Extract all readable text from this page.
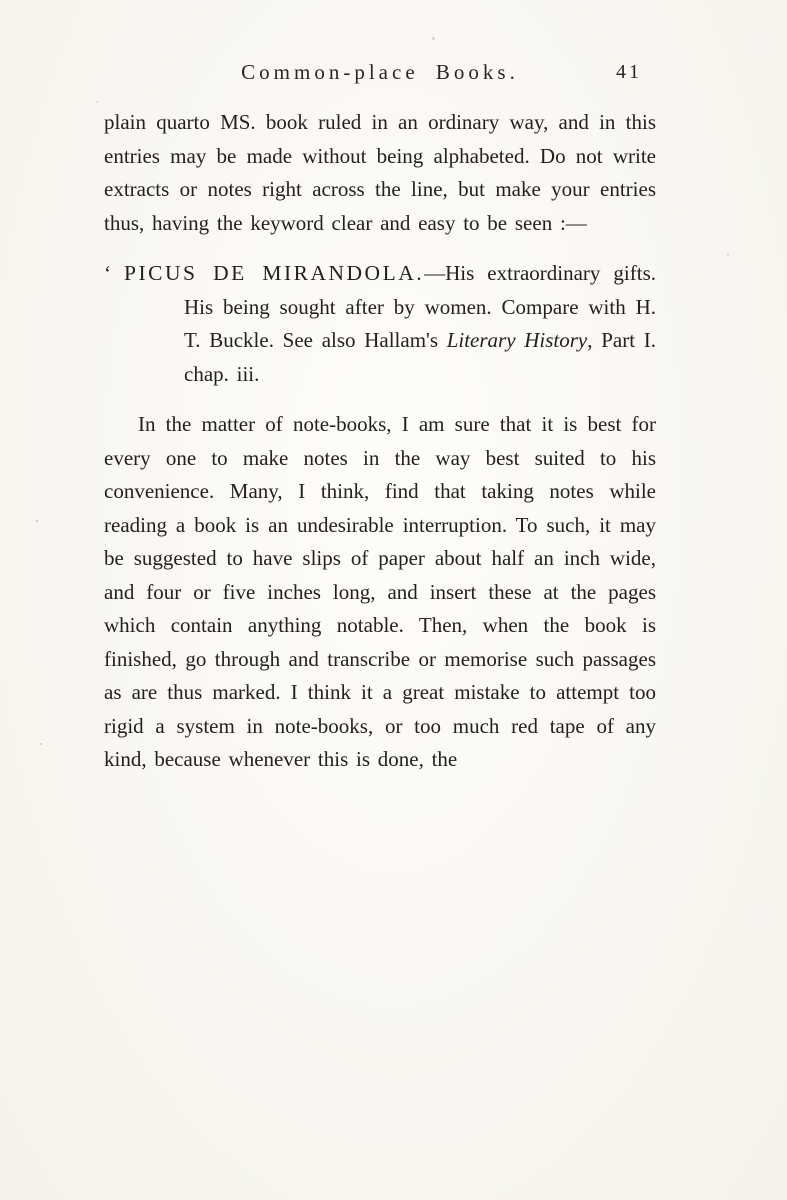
Common-place Books.	41

plain quarto MS. book ruled in an ordinary way, and in this entries may be made without being alphabeted. Do not write extracts or notes right across the line, but make your entries thus, having the keyword clear and easy to be seen :—

‘ PICUS DE MIRANDOLA.—His extraordinary gifts. His being sought after by women. Compare with H. T. Buckle. See also Hallam's Literary History, Part I. chap. iii.

In the matter of note-books, I am sure that it is best for every one to make notes in the way best suited to his convenience. Many, I think, find that taking notes while reading a book is an undesirable interruption. To such, it may be suggested to have slips of paper about half an inch wide, and four or five inches long, and insert these at the pages which contain anything notable. Then, when the book is finished, go through and transcribe or memorise such passages as are thus marked. I think it a great mistake to attempt too rigid a system in note-books, or too much red tape of any kind, because whenever this is done, the
